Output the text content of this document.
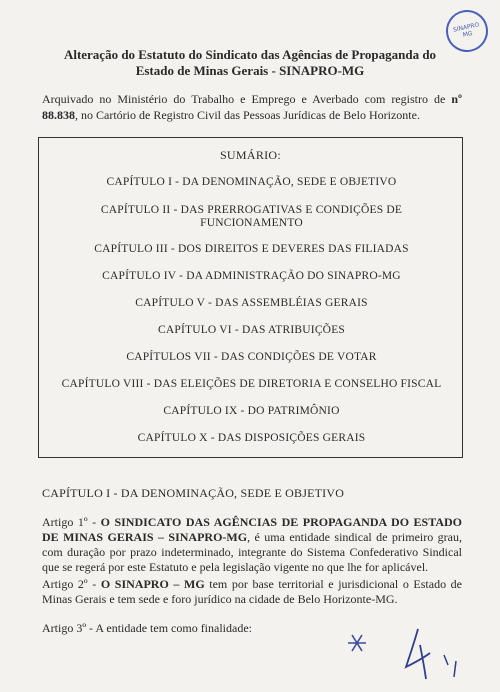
SINAPRO MG
Alteração do Estatuto do Sindicato das Agências de Propaganda do
Estado de Minas Gerais - SINAPRO-MG
Arquivado no Ministério do Trabalho e Emprego e Averbado com registro de nº 88.838, no Cartório de Registro Civil das Pessoas Jurídicas de Belo Horizonte.
SUMÁRIO:
CAPÍTULO I - DA DENOMINAÇÃO, SEDE E OBJETIVO
CAPÍTULO II - DAS PRERROGATIVAS E CONDIÇÕES DE
FUNCIONAMENTO
CAPÍTULO III - DOS DIREITOS E DEVERES DAS FILIADAS
CAPÍTULO IV - DA ADMINISTRAÇÃO DO SINAPRO-MG
CAPÍTULO V - DAS ASSEMBLÉIAS GERAIS
CAPÍTULO VI - DAS ATRIBUIÇÕES
CAPÍTULOS VII - DAS CONDIÇÕES DE VOTAR
CAPÍTULO VIII - DAS ELEIÇÕES DE DIRETORIA E CONSELHO FISCAL
CAPÍTULO IX - DO PATRIMÔNIO
CAPÍTULO X - DAS DISPOSIÇÕES GERAIS
CAPÍTULO I - DA DENOMINAÇÃO, SEDE E OBJETIVO
Artigo 1º - O SINDICATO DAS AGÊNCIAS DE PROPAGANDA DO ESTADO DE MINAS GERAIS – SINAPRO-MG, é uma entidade sindical de primeiro grau, com duração por prazo indeterminado, integrante do Sistema Confederativo Sindical que se regerá por este Estatuto e pela legislação vigente no que lhe for aplicável.
Artigo 2º - O SINAPRO – MG tem por base territorial e jurisdicional o Estado de Minas Gerais e tem sede e foro jurídico na cidade de Belo Horizonte-MG.
Artigo 3º - A entidade tem como finalidade:
